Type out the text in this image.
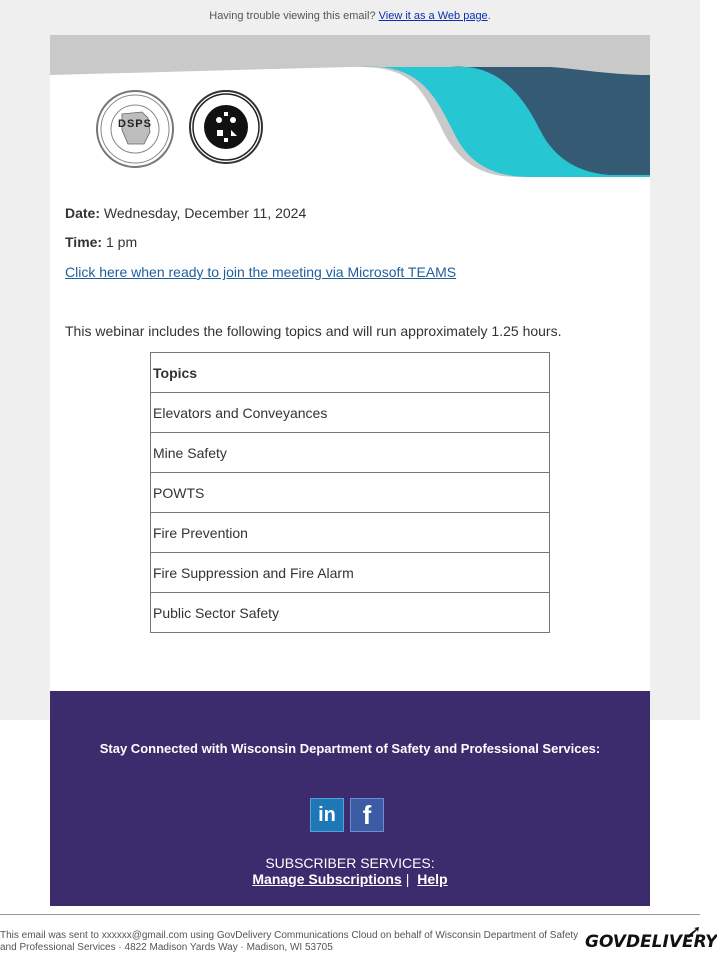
Having trouble viewing this email? View it as a Web page.
DSPS
Date: Wednesday, December 11, 2024
Time: 1 pm
Click here when ready to join the meeting via Microsoft TEAMS
This webinar includes the following topics and will run approximately 1.25 hours.
Topics
Elevators and Conveyances
Mine Safety
POWTS
Fire Prevention
Fire Suppression and Fire Alarm
Public Sector Safety
Stay Connected with Wisconsin Department of Safety and Professional Services:
in	f
SUBSCRIBER SERVICES:
Manage Subscriptions | Help
This email was sent to xxxxxx@gmail.com using GovDelivery Communications Cloud on behalf of Wisconsin Department of Safety and Professional Services · 4822 Madison Yards Way · Madison, WI 53705	GOVDELIVERY
